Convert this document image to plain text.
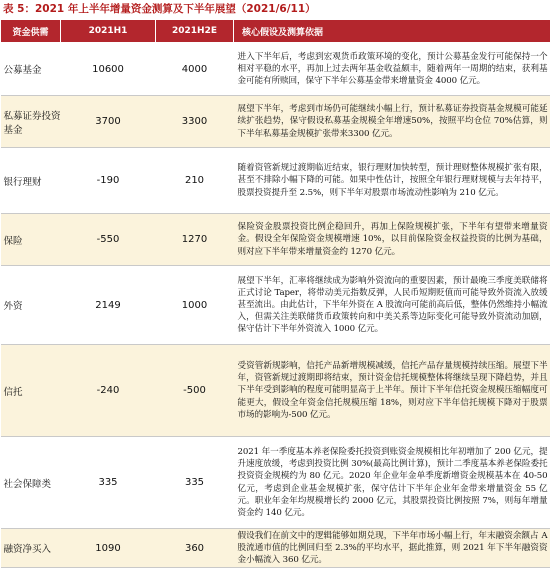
表 5：2021 年上半年增量资金测算及下半年展望（2021/6/11）
资金供需	2021H1	2021H2E	核心假设及测算依据
公募基金	10600	4000	进入下半年后，考虑到宏观货币政策环境的变化，预计公募基金发行可能保持一个相对平稳的水平，再加上过去两年基金收益颇丰，随着两年一周期的结束，获利基金可能有所赎回，保守下半年公募基金带来增量资金 4000 亿元。
私募证券投资基金	3700	3300	展望下半年，考虑到市场仍可能继续小幅上行，预计私募证券投资基金规模可能延续扩张趋势，保守假设私募基金规模全年增速50%，按照平均仓位 70%估算，则下半年私募基金规模扩张带来3300 亿元。
银行理财	-190	210	随着资管新规过渡期临近结束，银行理财加快转型，预计理财整体规模扩张有限，甚至不排除小幅下降的可能。如果中性估计，按照全年银行理财规模与去年持平，股票投资提升至 2.5%，则下半年对股票市场流动性影响为 210 亿元。
保险	-550	1270	保险资金股票投资比例企稳回升，再加上保险规模扩张，下半年有望带来增量资金。假设全年保险资金规模增速 10%，以目前保险资金权益投资的比例为基础，则对应下半年带来增量资金约 1270 亿元。
外资	2149	1000	展望下半年，汇率将继续成为影响外资流向的重要因素，预计最晚三季度美联储将正式讨论 Taper，将带动美元指数反弹，人民币短期贬值而可能导致外资流入放缓甚至流出。由此估计，下半年外资在 A 股流向可能前高后低，整体仍然维持小幅流入，但需关注美联储货币政策转向和中美关系等边际变化可能导致外资流动加剧，保守估计下半年外资流入 1000 亿元。
信托	-240	-500	受资管新规影响，信托产品新增规模减缓，信托产品存量规模持续压缩。展望下半年，资管新规过渡期即将结束，预计资金信托规模整体将继续呈现下降趋势，并且下半年受到影响的程度可能明显高于上半年。预计下半年信托资金规模压缩幅度可能更大，假设全年资金信托规模压缩 18%，则对应下半年信托规模下降对于股票市场的影响为-500 亿元。
社会保障类	335	335	2021 年一季度基本养老保险委托投资到账资金规模相比年初增加了 200 亿元，提升速度放缓，考虑到投资比例 30%(最高比例计算)，预计二季度基本养老保险委托投资资金规模约为 80 亿元。2020 年企业年金单季度新增资金规模基本在 40-50 亿元，考虑到企业基金规模扩张，保守估计下半年企业年金带来增量资金 55 亿元。职业年金年均规模增长约 2000 亿元，其股票投资比例按照 7%，则每年增量资金约 140 亿元。
融资净买入	1090	360	假设我们在前文中的逻辑能够如期兑现，下半年市场小幅上行，年末融资余额占 A 股流通市值的比例回归至 2.3%的平均水平，据此推算，则 2021 年下半年融资资金小幅流入 360 亿元。
